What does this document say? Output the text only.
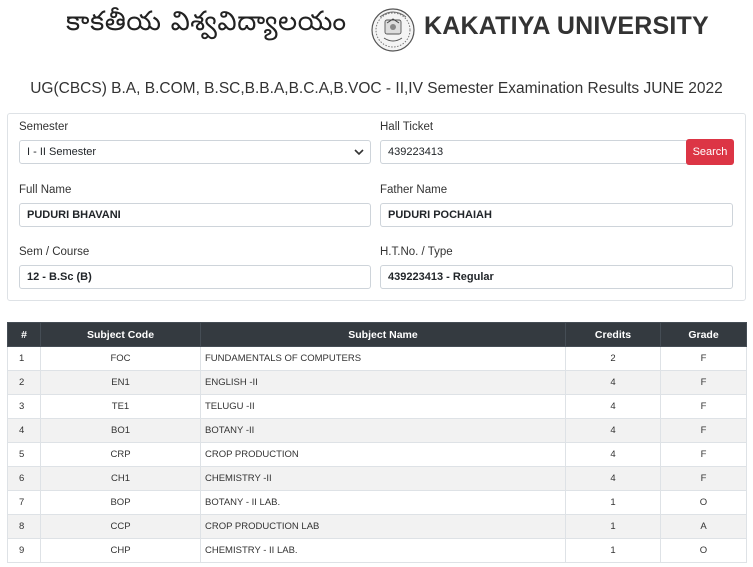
కాకతీయ విశ్వవిద్యాలయం	KAKATIYA UNIVERSITY
UG(CBCS) B.A, B.COM, B.SC,B.B.A,B.C.A,B.VOC - II,IV Semester Examination Results JUNE 2022
Semester
I - II Semester
Hall Ticket
439223413	Search
Full Name
PUDURI BHAVANI
Father Name
PUDURI POCHAIAH
Sem / Course
12 - B.Sc (B)
H.T.No. / Type
439223413 - Regular
#	Subject Code	Subject Name	Credits	Grade
1	FOC	FUNDAMENTALS OF COMPUTERS	2	F
2	EN1	ENGLISH -II	4	F
3	TE1	TELUGU -II	4	F
4	BO1	BOTANY -II	4	F
5	CRP	CROP PRODUCTION	4	F
6	CH1	CHEMISTRY -II	4	F
7	BOP	BOTANY - II LAB.	1	O
8	CCP	CROP PRODUCTION LAB	1	A
9	CHP	CHEMISTRY - II LAB.	1	O
